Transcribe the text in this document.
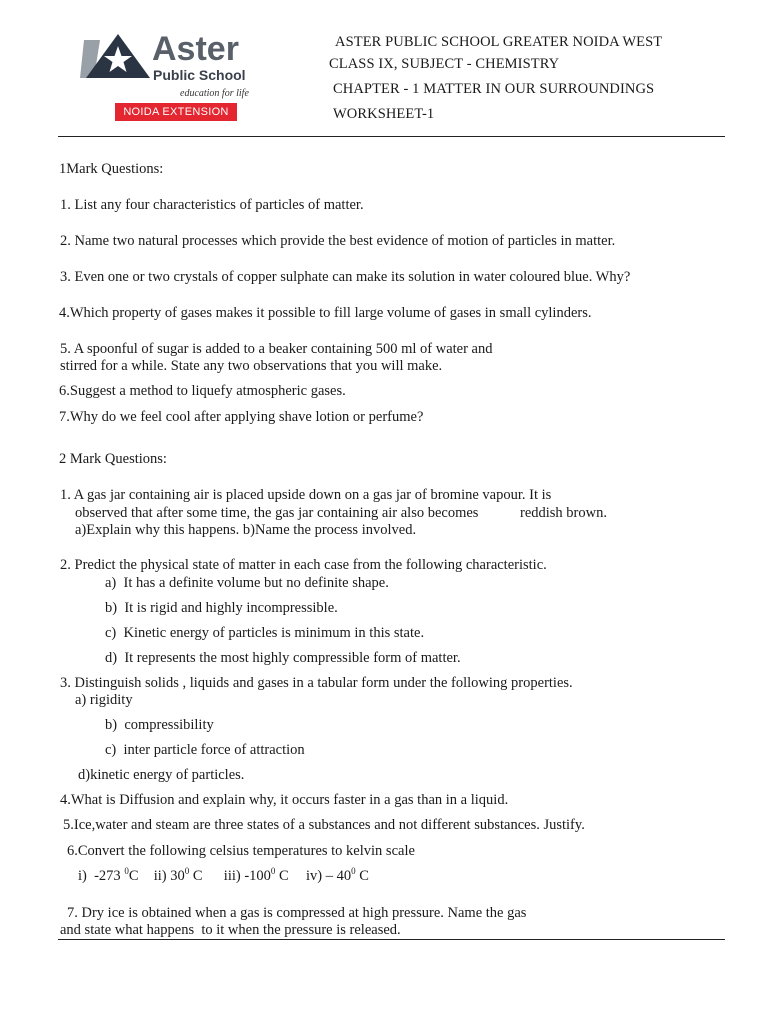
Aster
Public School
education for life
NOIDA EXTENSION
ASTER PUBLIC SCHOOL GREATER NOIDA WEST
CLASS IX, SUBJECT - CHEMISTRY
CHAPTER - 1 MATTER IN OUR SURROUNDINGS
WORKSHEET-1
1Mark Questions:
1. List any four characteristics of particles of matter.
2. Name two natural processes which provide the best evidence of motion of particles in matter.
3. Even one or two crystals of copper sulphate can make its solution in water coloured blue. Why?
4.Which property of gases makes it possible to fill large volume of gases in small cylinders.
5. A spoonful of sugar is added to a beaker containing 500 ml of water and
stirred for a while. State any two observations that you will make.
6.Suggest a method to liquefy atmospheric gases.
7.Why do we feel cool after applying shave lotion or perfume?
2 Mark Questions:
1. A gas jar containing air is placed upside down on a gas jar of bromine vapour. It is
observed that after some time, the gas jar containing air also becomes	reddish brown.
a)Explain why this happens. b)Name the process involved.
2. Predict the physical state of matter in each case from the following characteristic.
a)  It has a definite volume but no definite shape.
b)  It is rigid and highly incompressible.
c)  Kinetic energy of particles is minimum in this state.
d)  It represents the most highly compressible form of matter.
3. Distinguish solids , liquids and gases in a tabular form under the following properties.
a) rigidity
b)  compressibility
c)  inter particle force of attraction
d)kinetic energy of particles.
4.What is Diffusion and explain why, it occurs faster in a gas than in a liquid.
5.Ice,water and steam are three states of a substances and not different substances. Justify.
6.Convert the following celsius temperatures to kelvin scale
i)  -273 $^0$C ii) $30^0$ C iii) $-100^0$ C $iv) - 40^0$ C
7. Dry ice is obtained when a gas is compressed at high pressure. Name the gas
and state what happens  to it when the pressure is released.
